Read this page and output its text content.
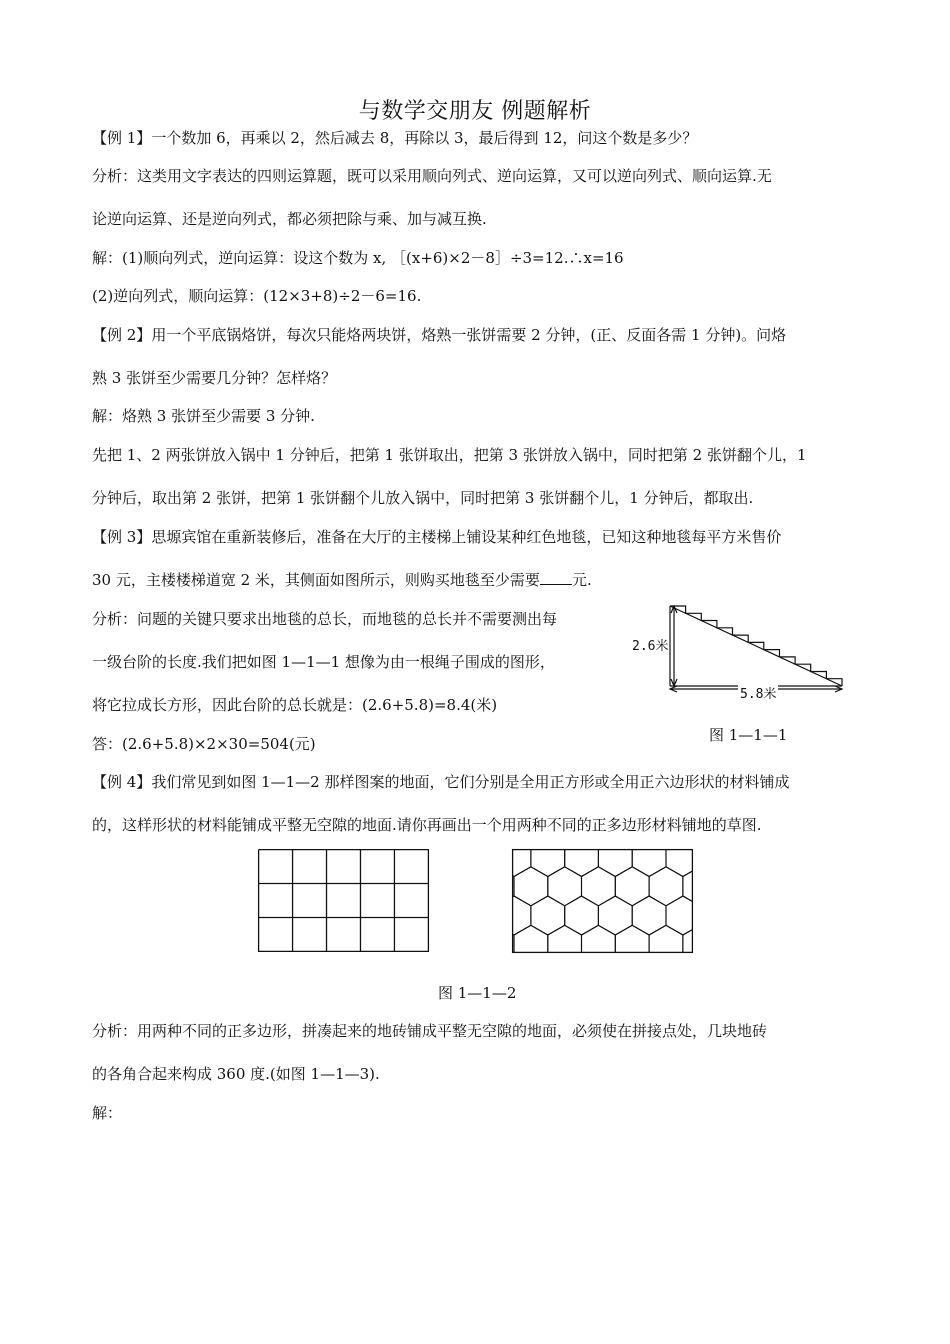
与数学交朋友 例题解析
【例 1】一个数加 6，再乘以 2，然后减去 8，再除以 3，最后得到 12，问这个数是多少？
分析：这类用文字表达的四则运算题，既可以采用顺向列式、逆向运算，又可以逆向列式、顺向运算.无
论逆向运算、还是逆向列式，都必须把除与乘、加与减互换.
解：(1)顺向列式，逆向运算：设这个数为 x, ［(x+6)×2－8］÷3=12.∴x=16
(2)逆向列式，顺向运算：(12×3+8)÷2－6=16.
【例 2】用一个平底锅烙饼，每次只能烙两块饼，烙熟一张饼需要 2 分钟，(正、反面各需 1 分钟)。问烙
熟 3 张饼至少需要几分钟？怎样烙？
解：烙熟 3 张饼至少需要 3 分钟.
先把 1、2 两张饼放入锅中 1 分钟后，把第 1 张饼取出，把第 3 张饼放入锅中，同时把第 2 张饼翻个儿，1
分钟后，取出第 2 张饼，把第 1 张饼翻个儿放入锅中，同时把第 3 张饼翻个儿，1 分钟后，都取出.
【例 3】思塬宾馆在重新装修后，准备在大厅的主楼梯上铺设某种红色地毯，已知这种地毯每平方米售价
30 元，主楼楼梯道宽 2 米，其侧面如图所示，则购买地毯至少需要 元.
分析：问题的关键只要求出地毯的总长，而地毯的总长并不需要测出每
一级台阶的长度.我们把如图 1—1—1 想像为由一根绳子围成的图形，
将它拉成长方形，因此台阶的总长就是：(2.6+5.8)=8.4(米)
答：(2.6+5.8)×2×30=504(元)
2.6米
5.8米
图 1—1—1
【例 4】我们常见到如图 1—1—2 那样图案的地面，它们分别是全用正方形或全用正六边形状的材料铺成
的，这样形状的材料能铺成平整无空隙的地面.请你再画出一个用两种不同的正多边形材料铺地的草图.
图 1—1—2
分析：用两种不同的正多边形，拼凑起来的地砖铺成平整无空隙的地面，必须使在拼接点处，几块地砖
的各角合起来构成 360 度.(如图 1—1—3).
解：
